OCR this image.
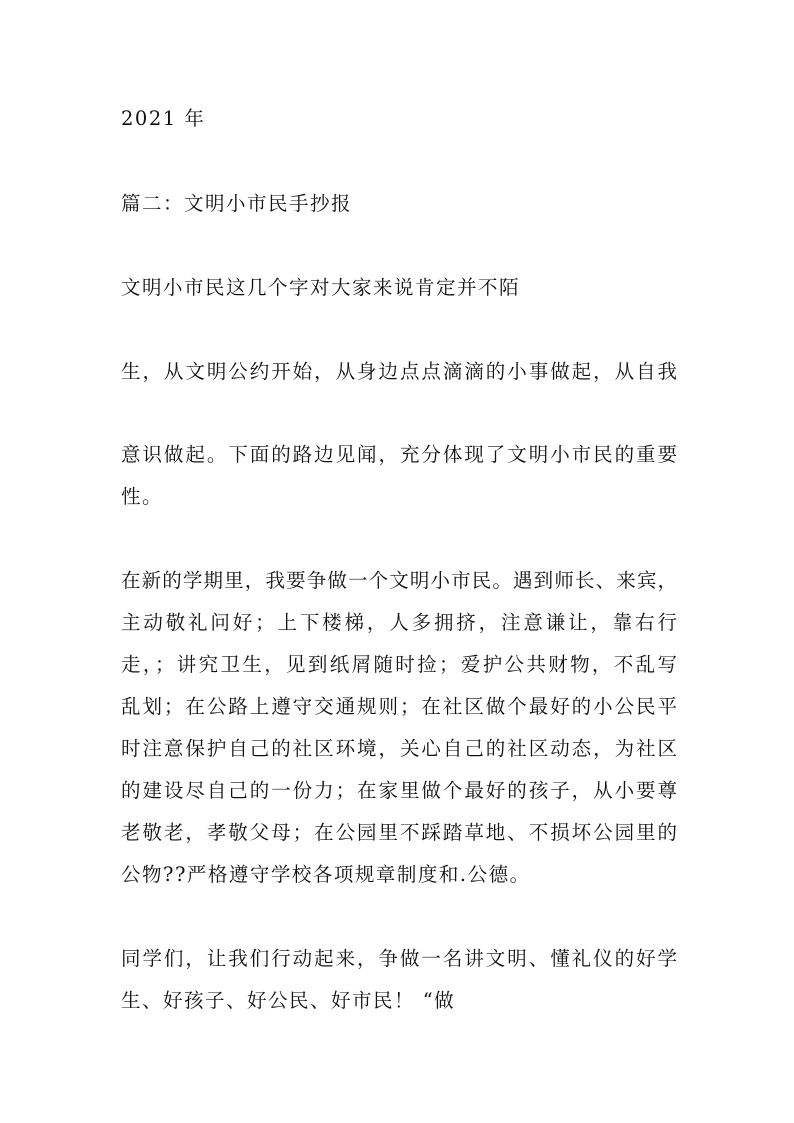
2021 年

篇二：文明小市民手抄报

文明小市民这几个字对大家来说肯定并不陌

生，从文明公约开始，从身边点点滴滴的小事做起，从自我

意识做起。下面的路边见闻，充分体现了文明小市民的重要

性。

在新的学期里，我要争做一个文明小市民。遇到师长、来宾，

主动敬礼问好；上下楼梯，人多拥挤，注意谦让，靠右行

走，；讲究卫生，见到纸屑随时捡；爱护公共财物，不乱写

乱划；在公路上遵守交通规则；在社区做个最好的小公民平

时注意保护自己的社区环境，关心自己的社区动态，为社区

的建设尽自己的一份力；在家里做个最好的孩子，从小要尊

老敬老，孝敬父母；在公园里不踩踏草地、不损坏公园里的

公物??严格遵守学校各项规章制度和.公德。

同学们，让我们行动起来，争做一名讲文明、懂礼仪的好学

生、好孩子、好公民、好市民！ “做
